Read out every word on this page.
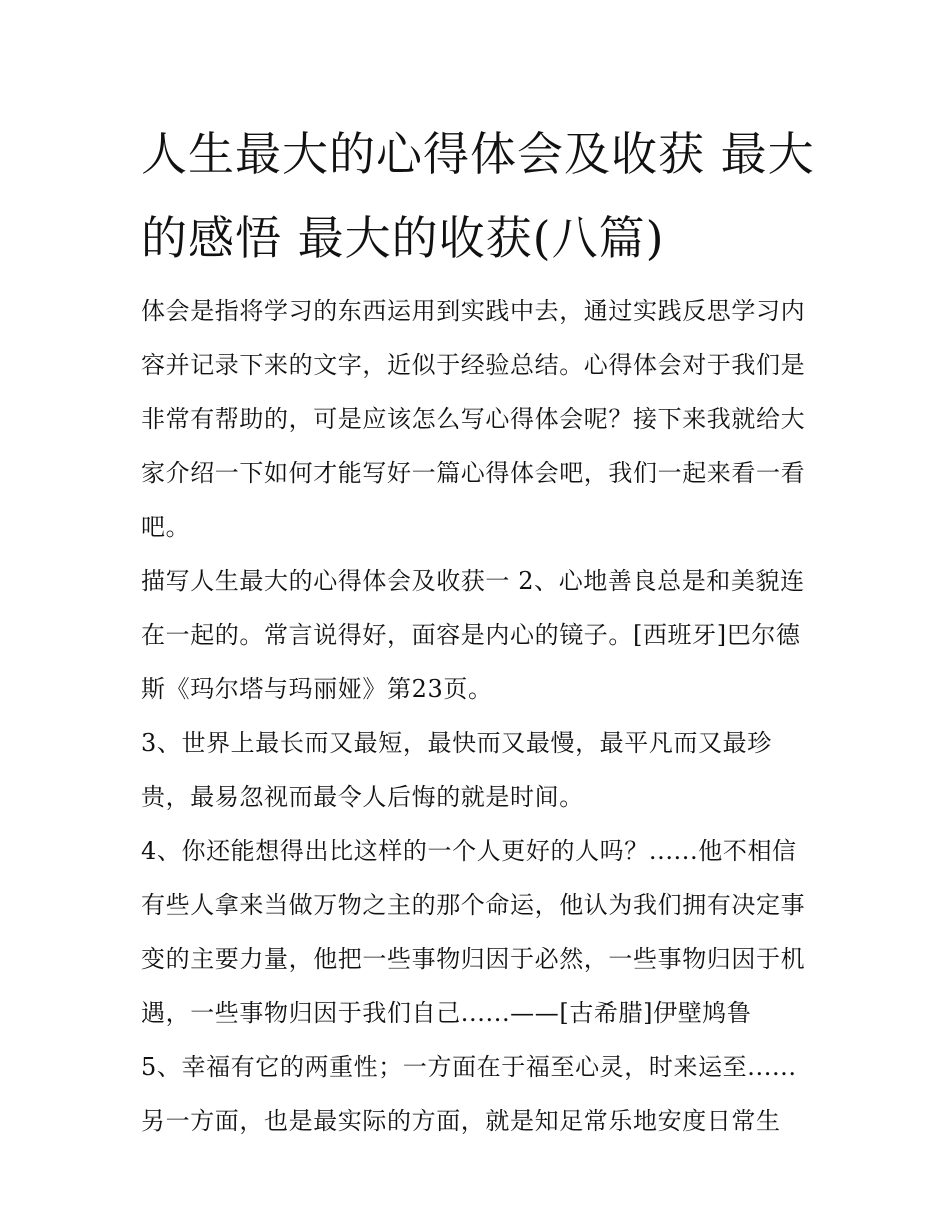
人生最大的心得体会及收获 最大的感悟 最大的收获(八篇)

体会是指将学习的东西运用到实践中去，通过实践反思学习内容并记录下来的文字，近似于经验总结。心得体会对于我们是非常有帮助的，可是应该怎么写心得体会呢？接下来我就给大家介绍一下如何才能写好一篇心得体会吧，我们一起来看一看吧。

描写人生最大的心得体会及收获一 2、心地善良总是和美貌连在一起的。常言说得好，面容是内心的镜子。[西班牙]巴尔德斯《玛尔塔与玛丽娅》第23页。

3、世界上最长而又最短，最快而又最慢，最平凡而又最珍贵，最易忽视而最令人后悔的就是时间。

4、你还能想得出比这样的一个人更好的人吗？......他不相信有些人拿来当做万物之主的那个命运，他认为我们拥有决定事变的主要力量，他把一些事物归因于必然，一些事物归因于机遇，一些事物归因于我们自己......——[古希腊]伊壁鸠鲁

5、幸福有它的两重性；一方面在于福至心灵，时来运至......另一方面，也是最实际的方面，就是知足常乐地安度日常生
